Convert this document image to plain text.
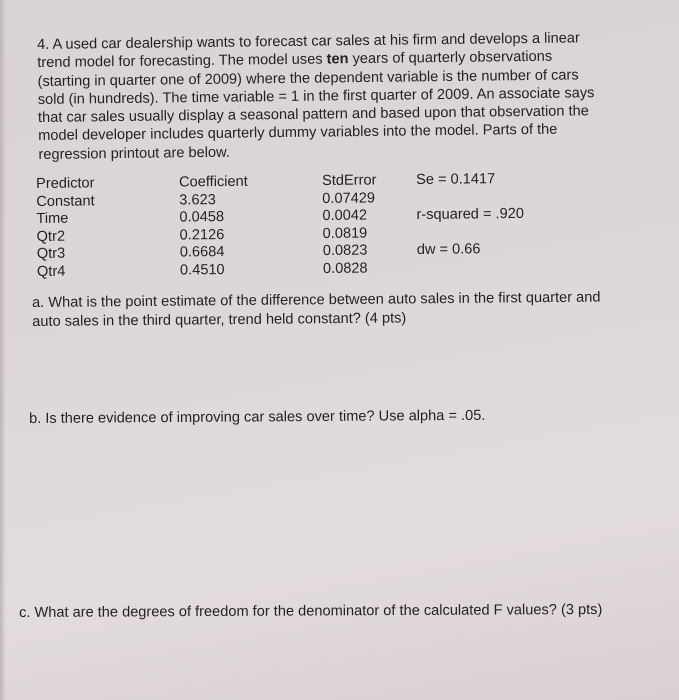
4. A used car dealership wants to forecast car sales at his firm and develops a linear

trend model for forecasting. The model uses ten years of quarterly observations

(starting in quarter one of 2009) where the dependent variable is the number of cars

sold (in hundreds). The time variable = 1 in the first quarter of 2009. An associate says

that car sales usually display a seasonal pattern and based upon that observation the

model developer includes quarterly dummy variables into the model. Parts of the

regression printout are below.

Predictor
Constant
Time
Qtr2
Qtr3
Qtr4
Coefficient
3.623
0.0458
0.2126
0.6684
0.4510
StdError
0.07429
0.0042
0.0819
0.0823
0.0828
Se = 0.1417
r-squared = .920
dw = 0.66

a. What is the point estimate of the difference between auto sales in the first quarter and

auto sales in the third quarter, trend held constant? (4 pts)

b. Is there evidence of improving car sales over time? Use alpha = .05.

c. What are the degrees of freedom for the denominator of the calculated F values? (3 pts)
